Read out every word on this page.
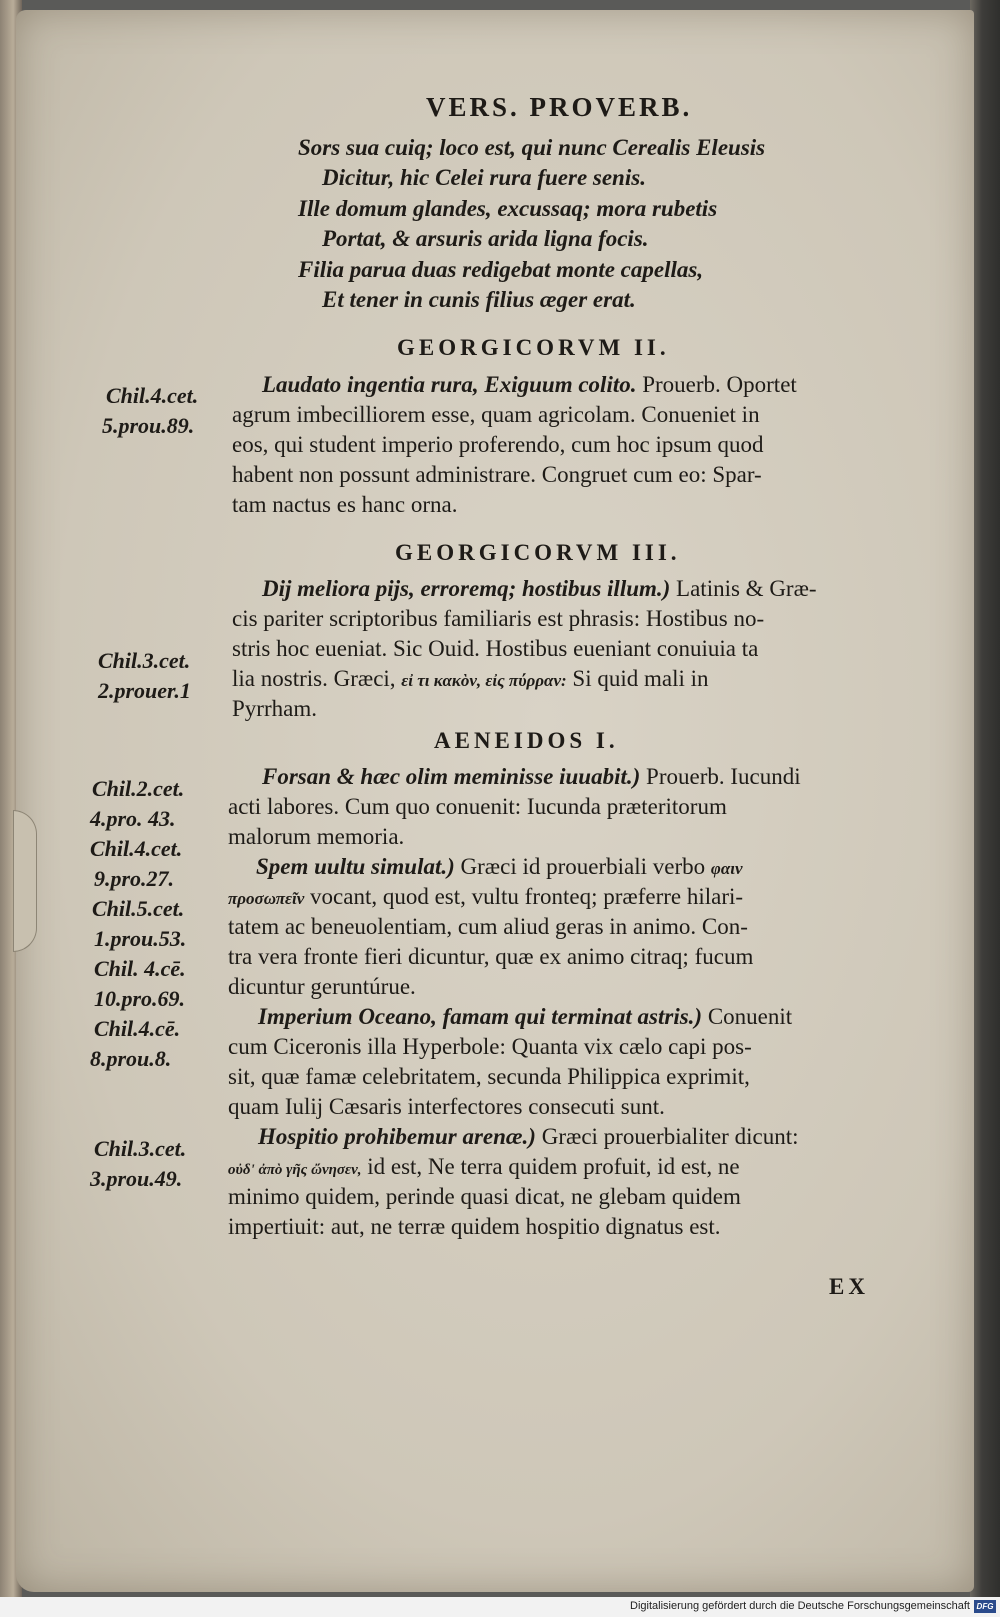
VERS. PROVERB.
Sors sua cuiq; loco est, qui nunc Cerealis Eleusis
Dicitur, hic Celei rura fuere senis.
Ille domum glandes, excussaq; mora rubetis
Portat, & arsuris arida ligna focis.
Filia parua duas redigebat monte capellas,
Et tener in cunis filius æger erat.
GEORGICORVM II.
Chil.4.cet.
5.prou.89.
Laudato ingentia rura, Exiguum colito. Prouerb. Oportet
agrum imbecilliorem esse, quam agricolam. Conueniet in
eos, qui student imperio proferendo, cum hoc ipsum quod
habent non possunt administrare. Congruet cum eo: Spar-
tam nactus es hanc orna.
GEORGICORVM III.
Chil.3.cet.
2.prouer.1
Dij meliora pijs, erroremq; hostibus illum.) Latinis & Græ-
cis pariter scriptoribus familiaris est phrasis: Hostibus no-
stris hoc eueniat. Sic Ouid. Hostibus eueniant conuiuia ta
lia nostris. Græci, εἰ τι κακὸν, εἰς πύρραν: Si quid mali in
Pyrrham.
AENEIDOS I.
Chil.2.cet.
4.pro. 43.
Chil.4.cet.
9.pro.27.
Chil.5.cet.
1.prou.53.
Chil. 4.cē.
10.pro.69.
Chil.4.cē.
8.prou.8.
Chil.3.cet.
3.prou.49.
Forsan & hæc olim meminisse iuuabit.) Prouerb. Iucundi
acti labores. Cum quo conuenit: Iucunda præteritorum
malorum memoria.
Spem uultu simulat.) Græci id prouerbiali verbo φαιν
προσωπεῖν vocant, quod est, vultu fronteq; præferre hilari-
tatem ac beneuolentiam, cum aliud geras in animo. Con-
tra vera fronte fieri dicuntur, quæ ex animo citraq; fucum
dicuntur geruntúrue.
Imperium Oceano, famam qui terminat astris.) Conuenit
cum Ciceronis illa Hyperbole: Quanta vix cælo capi pos-
sit, quæ famæ celebritatem, secunda Philippica exprimit,
quam Iulij Cæsaris interfectores consecuti sunt.
Hospitio prohibemur arenæ.) Græci prouerbialiter dicunt:
οὐδ' ἀπὸ γῆς ὤνησεν, id est, Ne terra quidem profuit, id est, ne
minimo quidem, perinde quasi dicat, ne glebam quidem
impertiuit: aut, ne terræ quidem hospitio dignatus est.
EX
Digitalisierung gefördert durch die Deutsche Forschungsgemeinschaft DFG
